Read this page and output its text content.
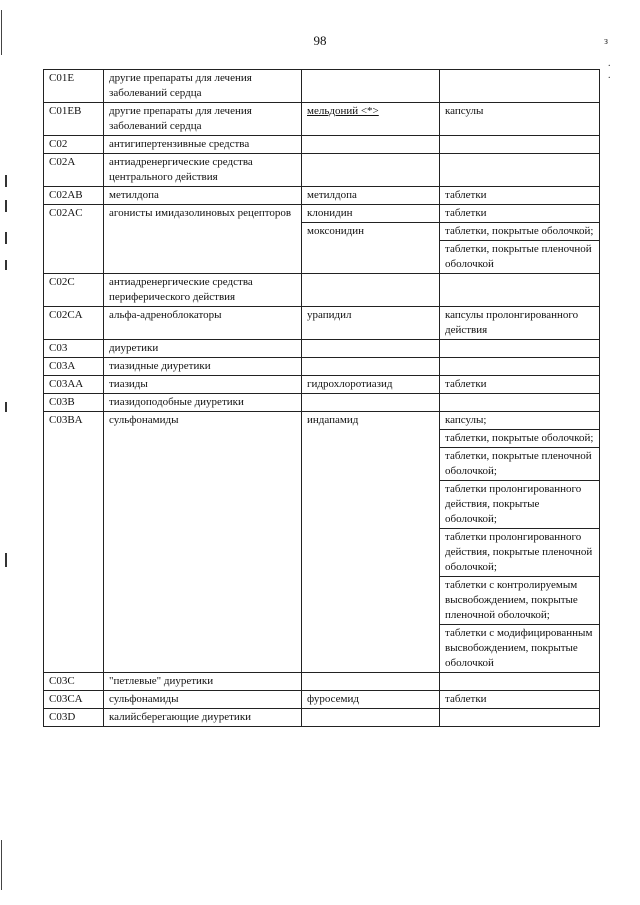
98	з
.
.
C01E	другие препараты для лечения заболеваний сердца		
C01EB	другие препараты для лечения заболеваний сердца	мельдоний <*>	капсулы
C02	антигипертензивные средства		
C02A	антиадренергические средства центрального действия		
C02AB	метилдопа	метилдопа	таблетки
C02AC	агонисты имидазолиновых рецепторов	клонидин	таблетки
		моксонидин	таблетки, покрытые оболочкой;
			таблетки, покрытые пленочной оболочкой
C02C	антиадренергические средства периферического действия		
C02CA	альфа-адреноблокаторы	урапидил	капсулы пролонгированного действия
C03	диуретики		
C03A	тиазидные диуретики		
C03AA	тиазиды	гидрохлоротиазид	таблетки
C03B	тиазидоподобные диуретики		
C03BA	сульфонамиды	индапамид	капсулы;
			таблетки, покрытые оболочкой;
			таблетки, покрытые пленочной оболочкой;
			таблетки пролонгированного действия, покрытые оболочкой;
			таблетки пролонгированного действия, покрытые пленочной оболочкой;
			таблетки с контролируемым высвобождением, покрытые пленочной оболочкой;
			таблетки с модифицированным высвобождением, покрытые оболочкой
C03C	"петлевые" диуретики		
C03CA	сульфонамиды	фуросемид	таблетки
C03D	калийсберегающие диуретики		
